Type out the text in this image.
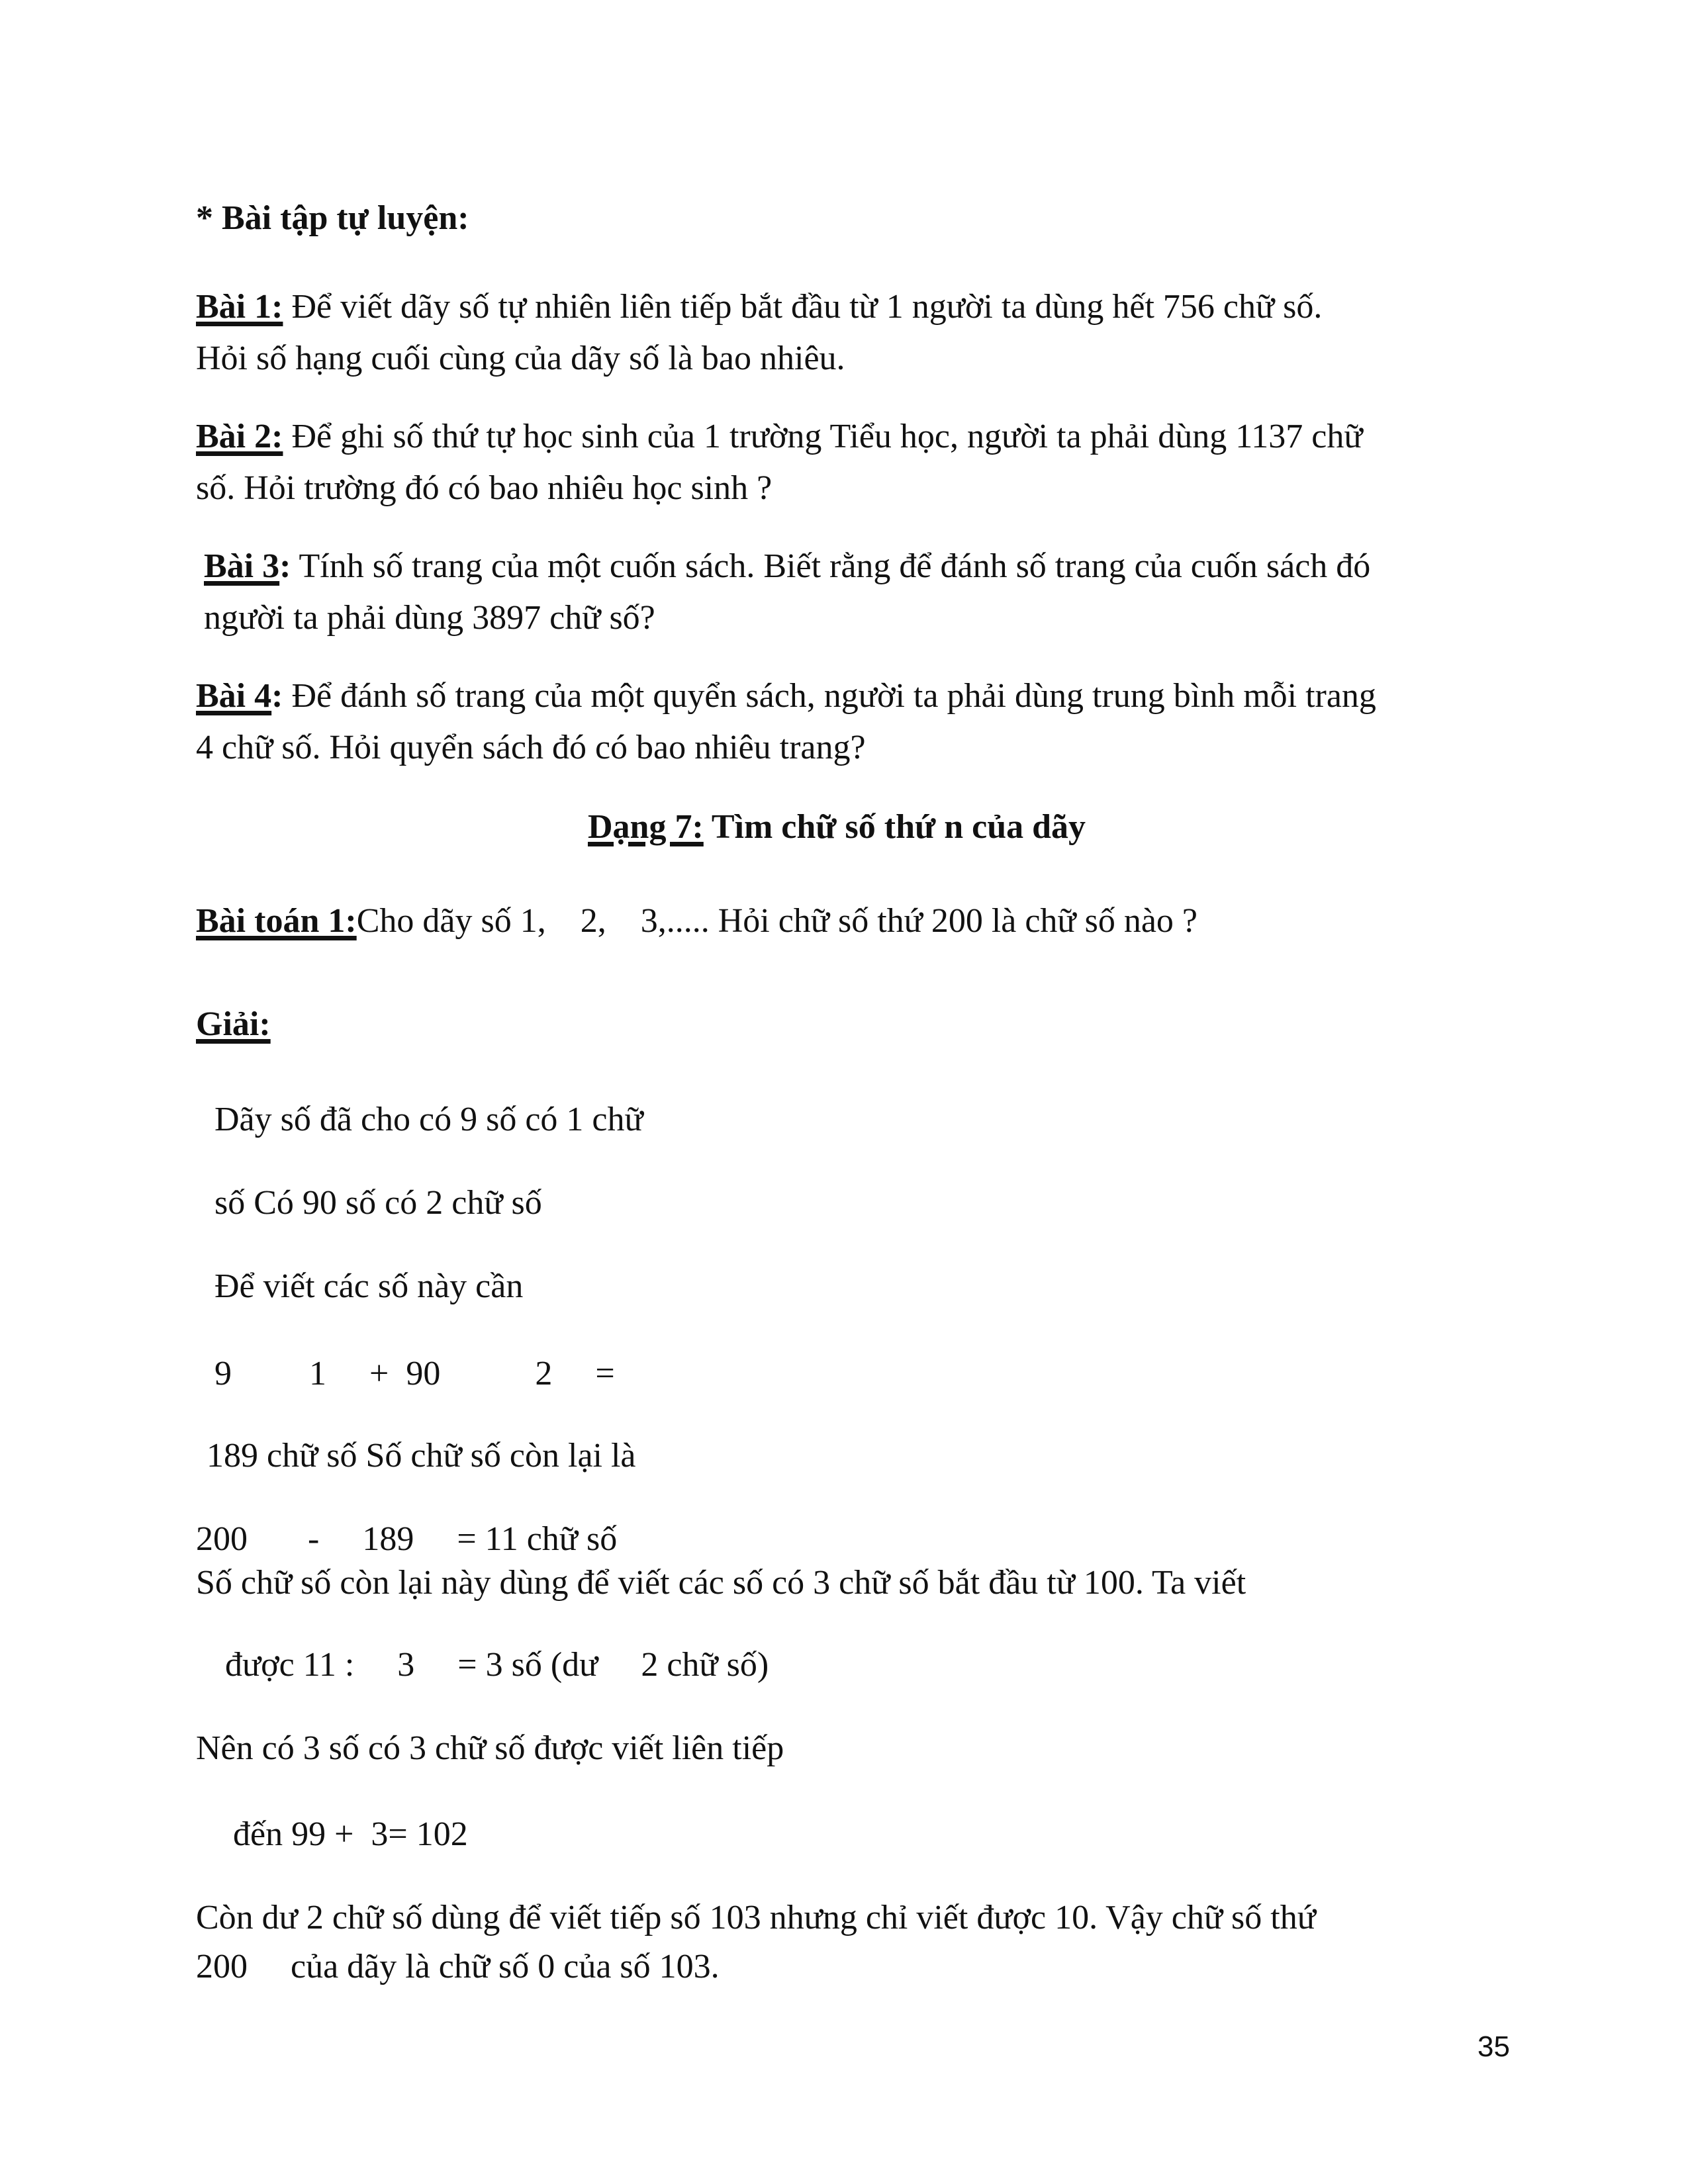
* Bài tập tự luyện:

Bài 1: Để viết dãy số tự nhiên liên tiếp bắt đầu từ 1 người ta dùng hết 756 chữ số.

Hỏi số hạng cuối cùng của dãy số là bao nhiêu.

Bài 2: Để ghi số thứ tự học sinh của 1 trường Tiểu học, người ta phải dùng 1137 chữ

số. Hỏi trường đó có bao nhiêu học sinh ?

Bài 3: Tính số trang của một cuốn sách. Biết rằng để đánh số trang của cuốn sách đó

người ta phải dùng 3897 chữ số?

Bài 4: Để đánh số trang của một quyển sách, người ta phải dùng trung bình mỗi trang

4 chữ số. Hỏi quyển sách đó có bao nhiêu trang?

Dạng 7: Tìm chữ số thứ n của dãy

Bài toán 1:Cho dãy số 1,    2,    3,..... Hỏi chữ số thứ 200 là chữ số nào ?

Giải:

Dãy số đã cho có 9 số có 1 chữ

số Có 90 số có 2 chữ số

Để viết các số này cần

9         1     +  90           2     =

189 chữ số Số chữ số còn lại là

200       -     189     = 11 chữ số

Số chữ số còn lại này dùng để viết các số có 3 chữ số bắt đầu từ 100. Ta viết

được 11 :     3     = 3 số (dư     2 chữ số)

Nên có 3 số có 3 chữ số được viết liên tiếp

đến 99 +  3= 102

Còn dư 2 chữ số dùng để viết tiếp số 103 nhưng chỉ viết được 10. Vậy chữ số thứ

200     của dãy là chữ số 0 của số 103.

35
